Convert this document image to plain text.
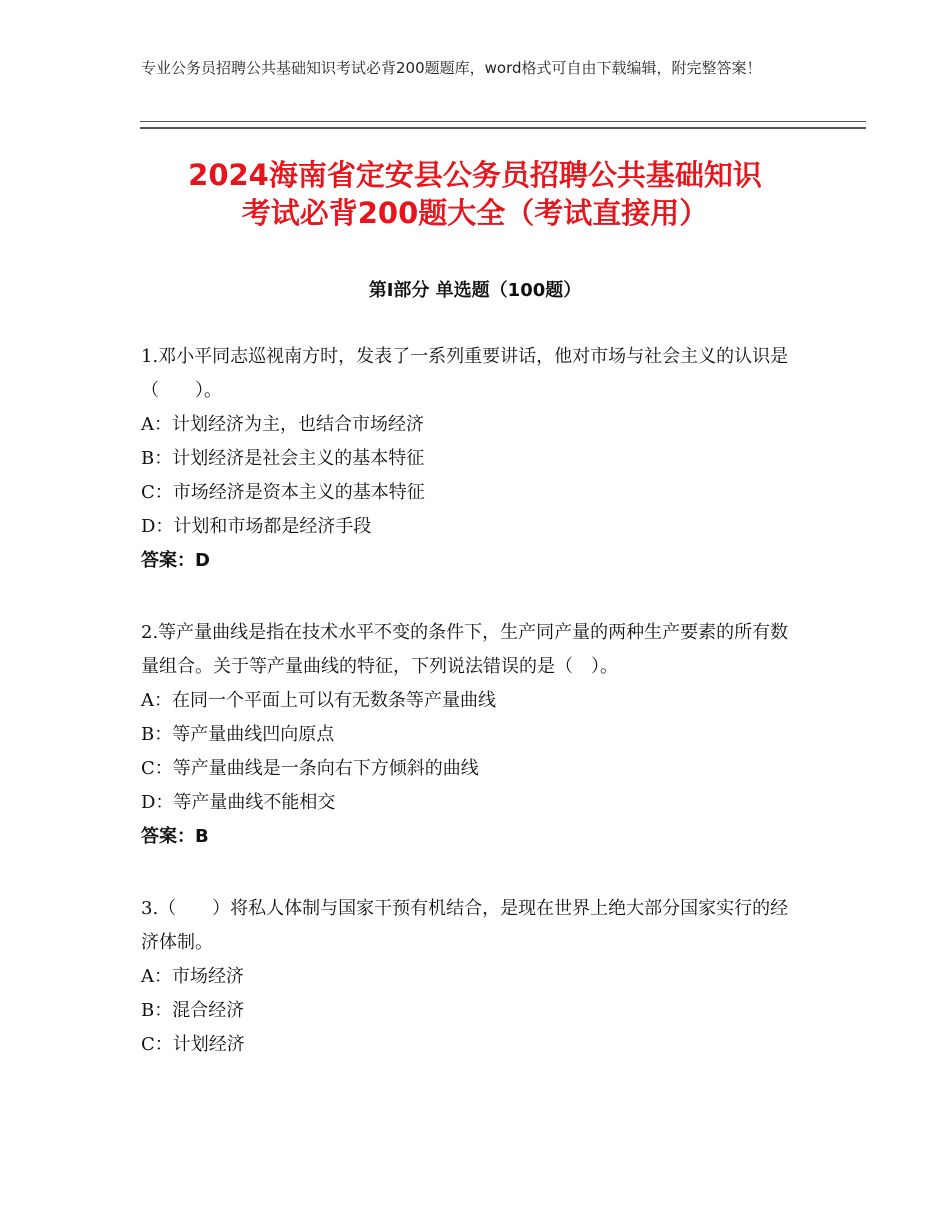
专业公务员招聘公共基础知识考试必背200题题库，word格式可自由下载编辑，附完整答案！
2024海南省定安县公务员招聘公共基础知识
考试必背200题大全（考试直接用）
第Ⅰ部分 单选题（100题）

1.邓小平同志巡视南方时，发表了一系列重要讲话，他对市场与社会主义的认识是（　　）。

A：计划经济为主，也结合市场经济

B：计划经济是社会主义的基本特征

C：市场经济是资本主义的基本特征

D：计划和市场都是经济手段

答案：D

2.等产量曲线是指在技术水平不变的条件下，生产同产量的两种生产要素的所有数量组合。关于等产量曲线的特征，下列说法错误的是（　）。

A：在同一个平面上可以有无数条等产量曲线

B：等产量曲线凹向原点

C：等产量曲线是一条向右下方倾斜的曲线

D：等产量曲线不能相交

答案：B

3.（　　）将私人体制与国家干预有机结合，是现在世界上绝大部分国家实行的经济体制。

A：市场经济

B：混合经济

C：计划经济
